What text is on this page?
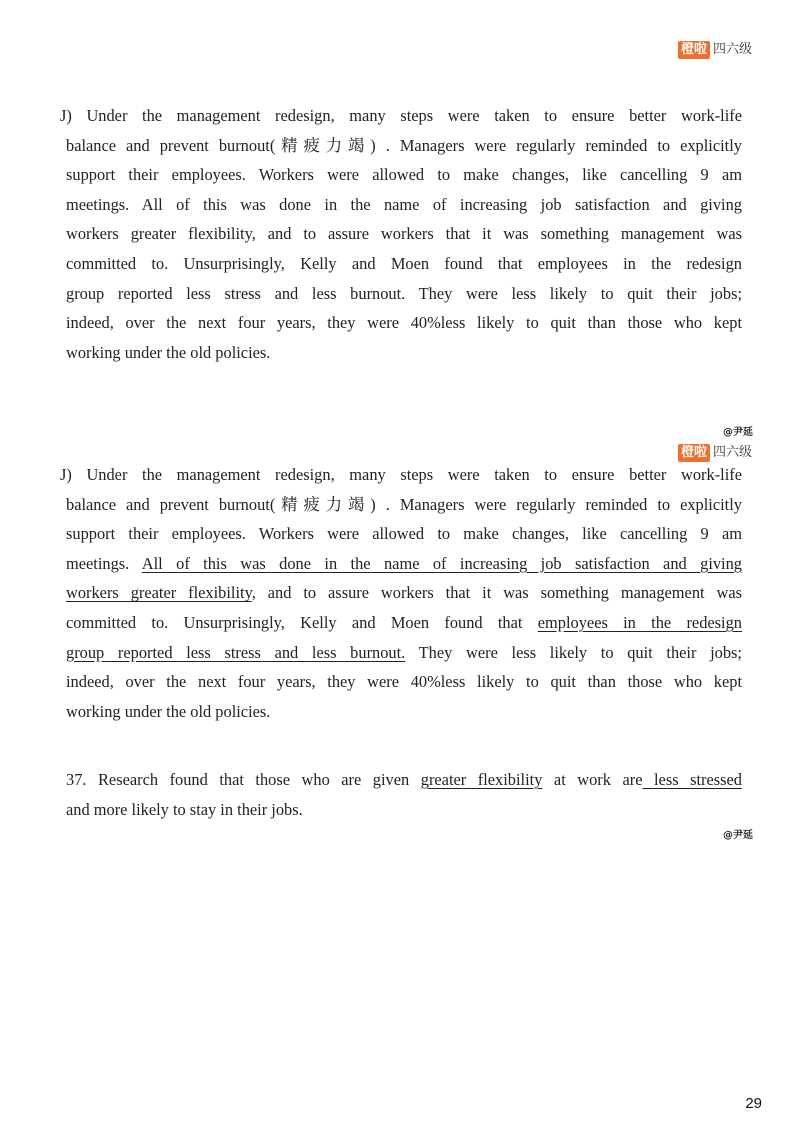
橙啦 四六级
J) Under the management redesign, many steps were taken to ensure better work-life
balance and prevent burnout(精疲力竭) . Managers were regularly reminded to explicitly
support their employees. Workers were allowed to make changes, like cancelling 9 am
meetings. All of this was done in the name of increasing job satisfaction and giving
workers greater flexibility, and to assure workers that it was something management was
committed to. Unsurprisingly, Kelly and Moen found that employees in the redesign
group reported less stress and less burnout. They were less likely to quit their jobs;
indeed, over the next four years, they were 40%less likely to quit than those who kept
working under the old policies.
@尹延
橙啦 四六级
J) Under the management redesign, many steps were taken to ensure better work-life
balance and prevent burnout(精疲力竭) . Managers were regularly reminded to explicitly
support their employees. Workers were allowed to make changes, like cancelling 9 am
meetings. All of this was done in the name of increasing job satisfaction and giving
workers greater flexibility, and to assure workers that it was something management was
committed to. Unsurprisingly, Kelly and Moen found that employees in the redesign
group reported less stress and less burnout. They were less likely to quit their jobs;
indeed, over the next four years, they were 40%less likely to quit than those who kept
working under the old policies.
37. Research found that those who are given greater flexibility at work are less stressed
and more likely to stay in their jobs.
@尹延
29
